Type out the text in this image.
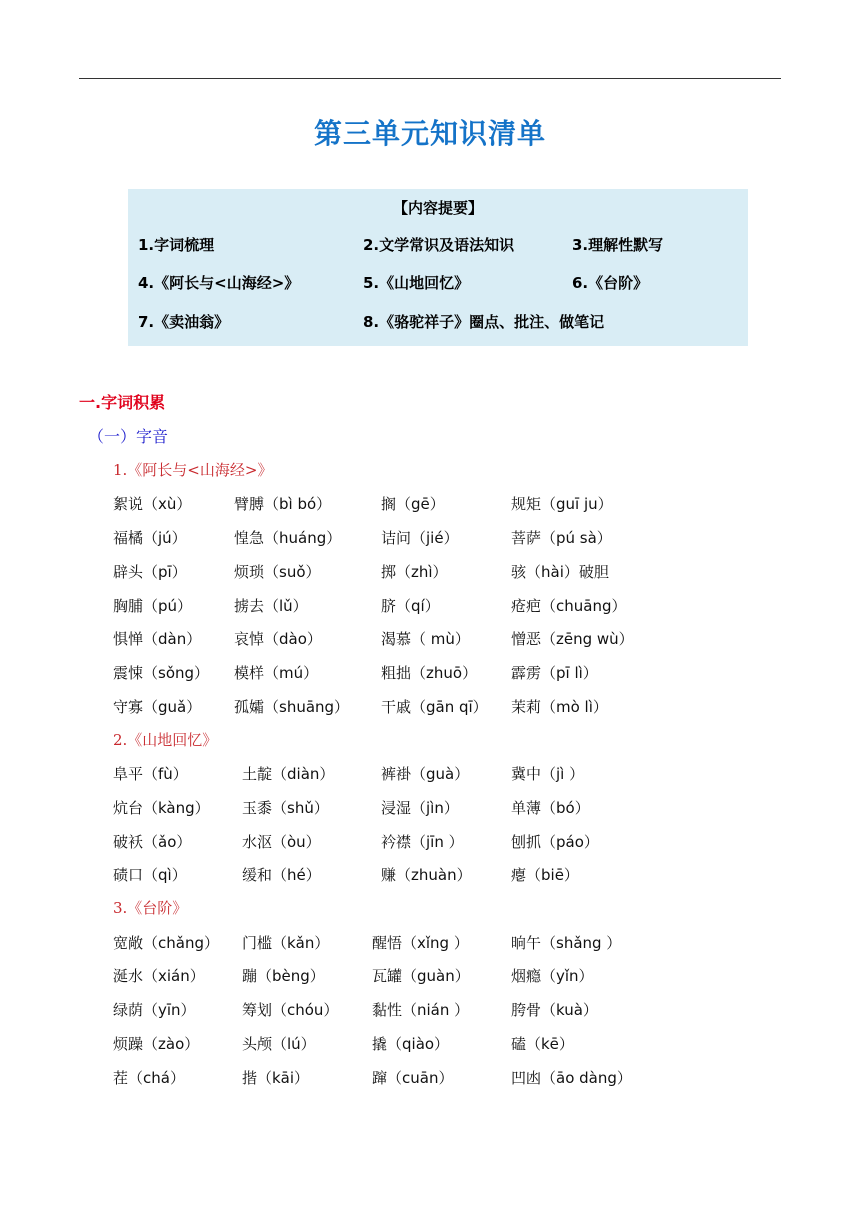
第三单元知识清单
【内容提要】
1.字词梳理	2.文学常识及语法知识	3.理解性默写
4.《阿长与<山海经>》	5.《山地回忆》	6.《台阶》
7.《卖油翁》	8.《骆驼祥子》圈点、批注、做笔记
一.字词积累
（一）字音
1.《阿长与<山海经>》
絮说（xù）	臂膊（bì bó）	搁（gē）	规矩（guī ju）
福橘（jú）	惶急（huáng）	诘问（jié）	菩萨（pú sà）
辟头（pī）	烦琐（suǒ）	掷（zhì）	骇（hài）破胆
胸脯（pú）	掳去（lǔ）	脐（qí）	疮疤（chuāng）
惧惮（dàn） 哀悼（dào）	渴慕（ mù）	憎恶（zēng wù）
震悚（sǒng） 模样（mú）	粗拙（zhuō） 霹雳（pī lì）
守寡（guǎ） 孤孀（shuāng） 干戚（gān qī） 茉莉（mò lì）
2.《山地回忆》
阜平（fù）	土靛（diàn）	裤褂（guà）	冀中（jì ）
炕台（kàng） 玉黍（shǔ）	浸湿（jìn）	单薄（bó）
破袄（ǎo）	水沤（òu）	衿襟（jīn ）	刨抓（páo）
碛口（qì）	缓和（hé）	赚（zhuàn）	瘪（biē）
3.《台阶》
宽敞（chǎng） 门槛（kǎn）	醒悟（xǐng ）	晌午（shǎng ）
涎水（xián） 蹦（bèng）	瓦罐（guàn）	烟瘾（yǐn）
绿荫（yīn）	筹划（chóu） 黏性（nián ）	胯骨（kuà）
烦躁（zào）	头颅（lú）	撬（qiào）	磕（kē）
茬（chá）	揩（kāi）	蹿（cuān）	凹凼（āo dàng）
